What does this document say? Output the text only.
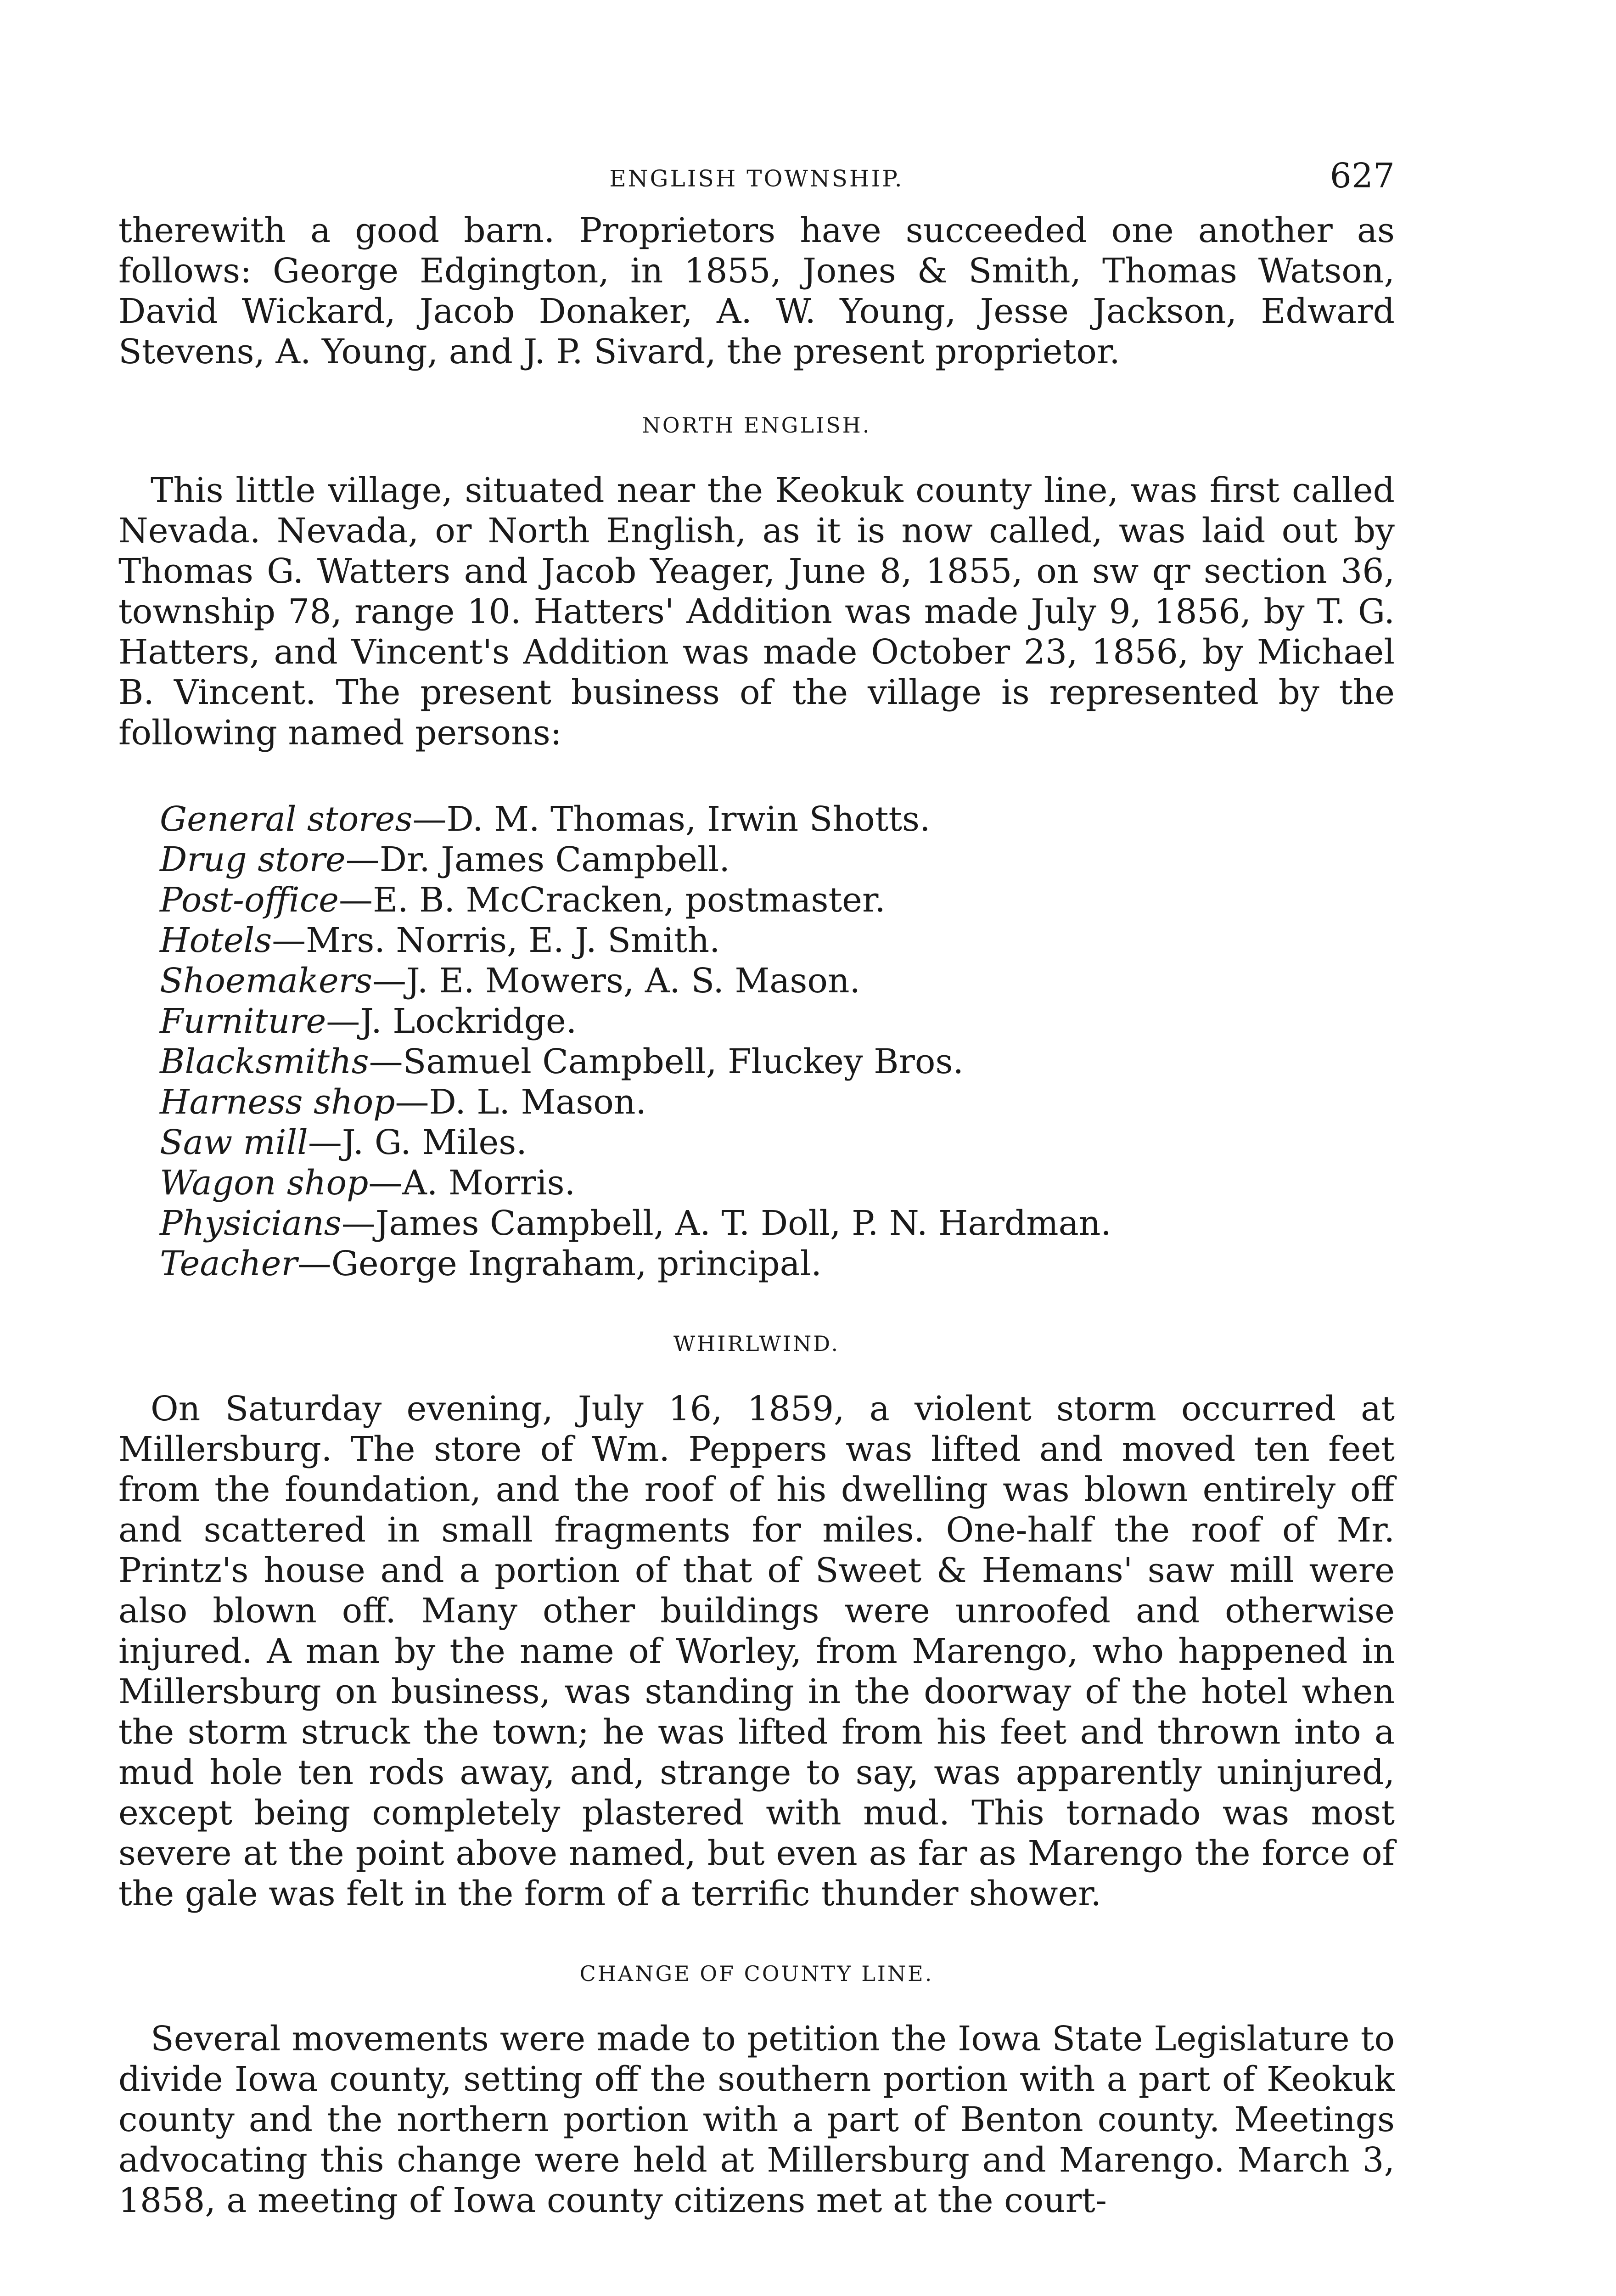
ENGLISH TOWNSHIP.	627

therewith a good barn. Proprietors have succeeded one another as follows: George Edgington, in 1855, Jones & Smith, Thomas Watson, David Wickard, Jacob Donaker, A. W. Young, Jesse Jackson, Edward Stevens, A. Young, and J. P. Sivard, the present proprietor.

NORTH ENGLISH.

This little village, situated near the Keokuk county line, was first called Nevada. Nevada, or North English, as it is now called, was laid out by Thomas G. Watters and Jacob Yeager, June 8, 1855, on sw qr section 36, township 78, range 10. Hatters' Addition was made July 9, 1856, by T. G. Hatters, and Vincent's Addition was made October 23, 1856, by Michael B. Vincent. The present business of the village is represented by the following named persons:

General stores—D. M. Thomas, Irwin Shotts.
Drug store—Dr. James Campbell.
Post-office—E. B. McCracken, postmaster.
Hotels—Mrs. Norris, E. J. Smith.
Shoemakers—J. E. Mowers, A. S. Mason.
Furniture—J. Lockridge.
Blacksmiths—Samuel Campbell, Fluckey Bros.
Harness shop—D. L. Mason.
Saw mill—J. G. Miles.
Wagon shop—A. Morris.
Physicians—James Campbell, A. T. Doll, P. N. Hardman.
Teacher—George Ingraham, principal.
WHIRLWIND.

On Saturday evening, July 16, 1859, a violent storm occurred at Millersburg. The store of Wm. Peppers was lifted and moved ten feet from the foundation, and the roof of his dwelling was blown entirely off and scattered in small fragments for miles. One-half the roof of Mr. Printz's house and a portion of that of Sweet & Hemans' saw mill were also blown off. Many other buildings were unroofed and otherwise injured. A man by the name of Worley, from Marengo, who happened in Millersburg on business, was standing in the doorway of the hotel when the storm struck the town; he was lifted from his feet and thrown into a mud hole ten rods away, and, strange to say, was apparently uninjured, except being completely plastered with mud. This tornado was most severe at the point above named, but even as far as Marengo the force of the gale was felt in the form of a terrific thunder shower.

CHANGE OF COUNTY LINE.

Several movements were made to petition the Iowa State Legislature to divide Iowa county, setting off the southern portion with a part of Keokuk county and the northern portion with a part of Benton county. Meetings advocating this change were held at Millersburg and Marengo. March 3, 1858, a meeting of Iowa county citizens met at the court-
